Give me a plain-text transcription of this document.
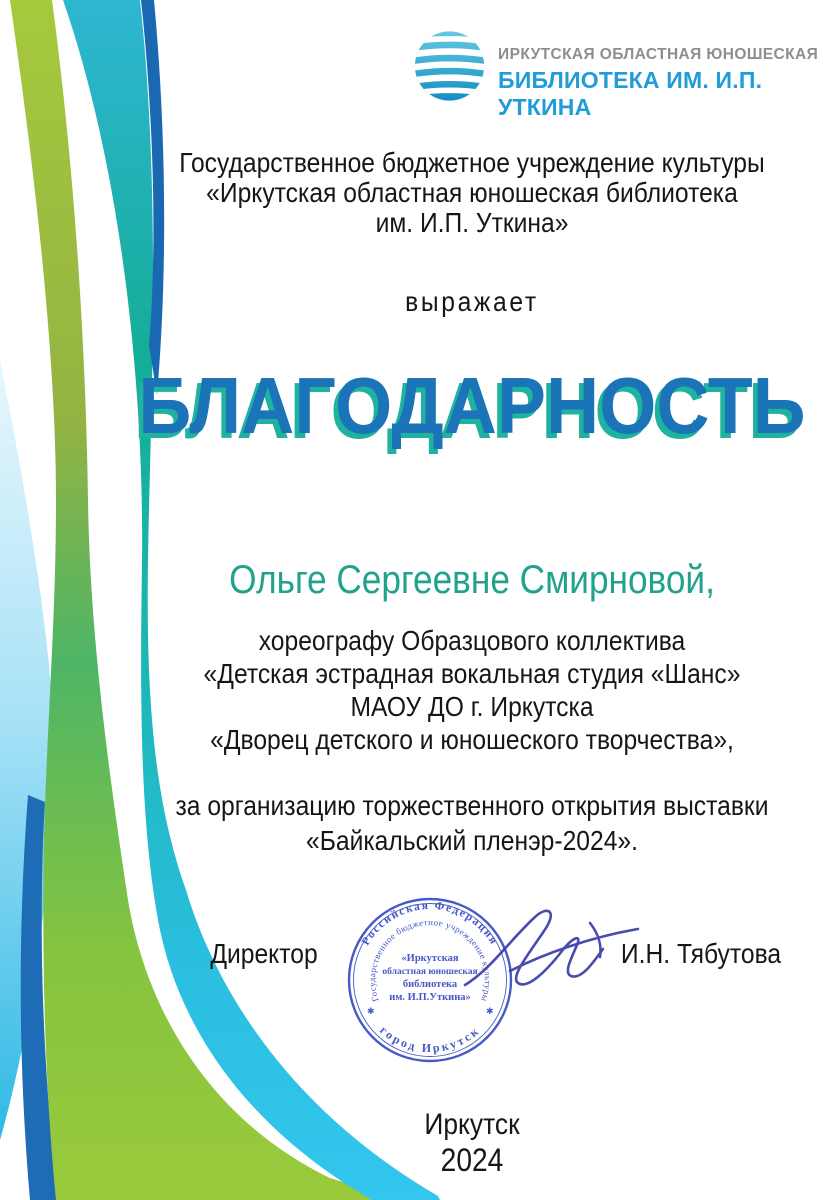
ИРКУТСКАЯ ОБЛАСТНАЯ ЮНОШЕСКАЯ
БИБЛИОТЕКА ИМ. И.П. УТКИНА
Государственное бюджетное учреждение культуры
«Иркутская областная юношеская библиотека
им. И.П. Уткина»
выражает
БЛАГОДАРНОСТЬ
Ольге Сергеевне Смирновой,
хореографу Образцового коллектива
«Детская эстрадная вокальная студия «Шанс»
МАОУ ДО г. Иркутска
«Дворец детского и юношеского творчества»,
за организацию торжественного открытия выставки
«Байкальский пленэр-2024».
Иркутск
2024
Директор	И.Н. Тябутова
Российская Федерация
Государственное бюджетное учреждение культуры
город Иркутск
✱	✱
«Иркутская
областная юношеская
библиотека
им. И.П.Уткина»
